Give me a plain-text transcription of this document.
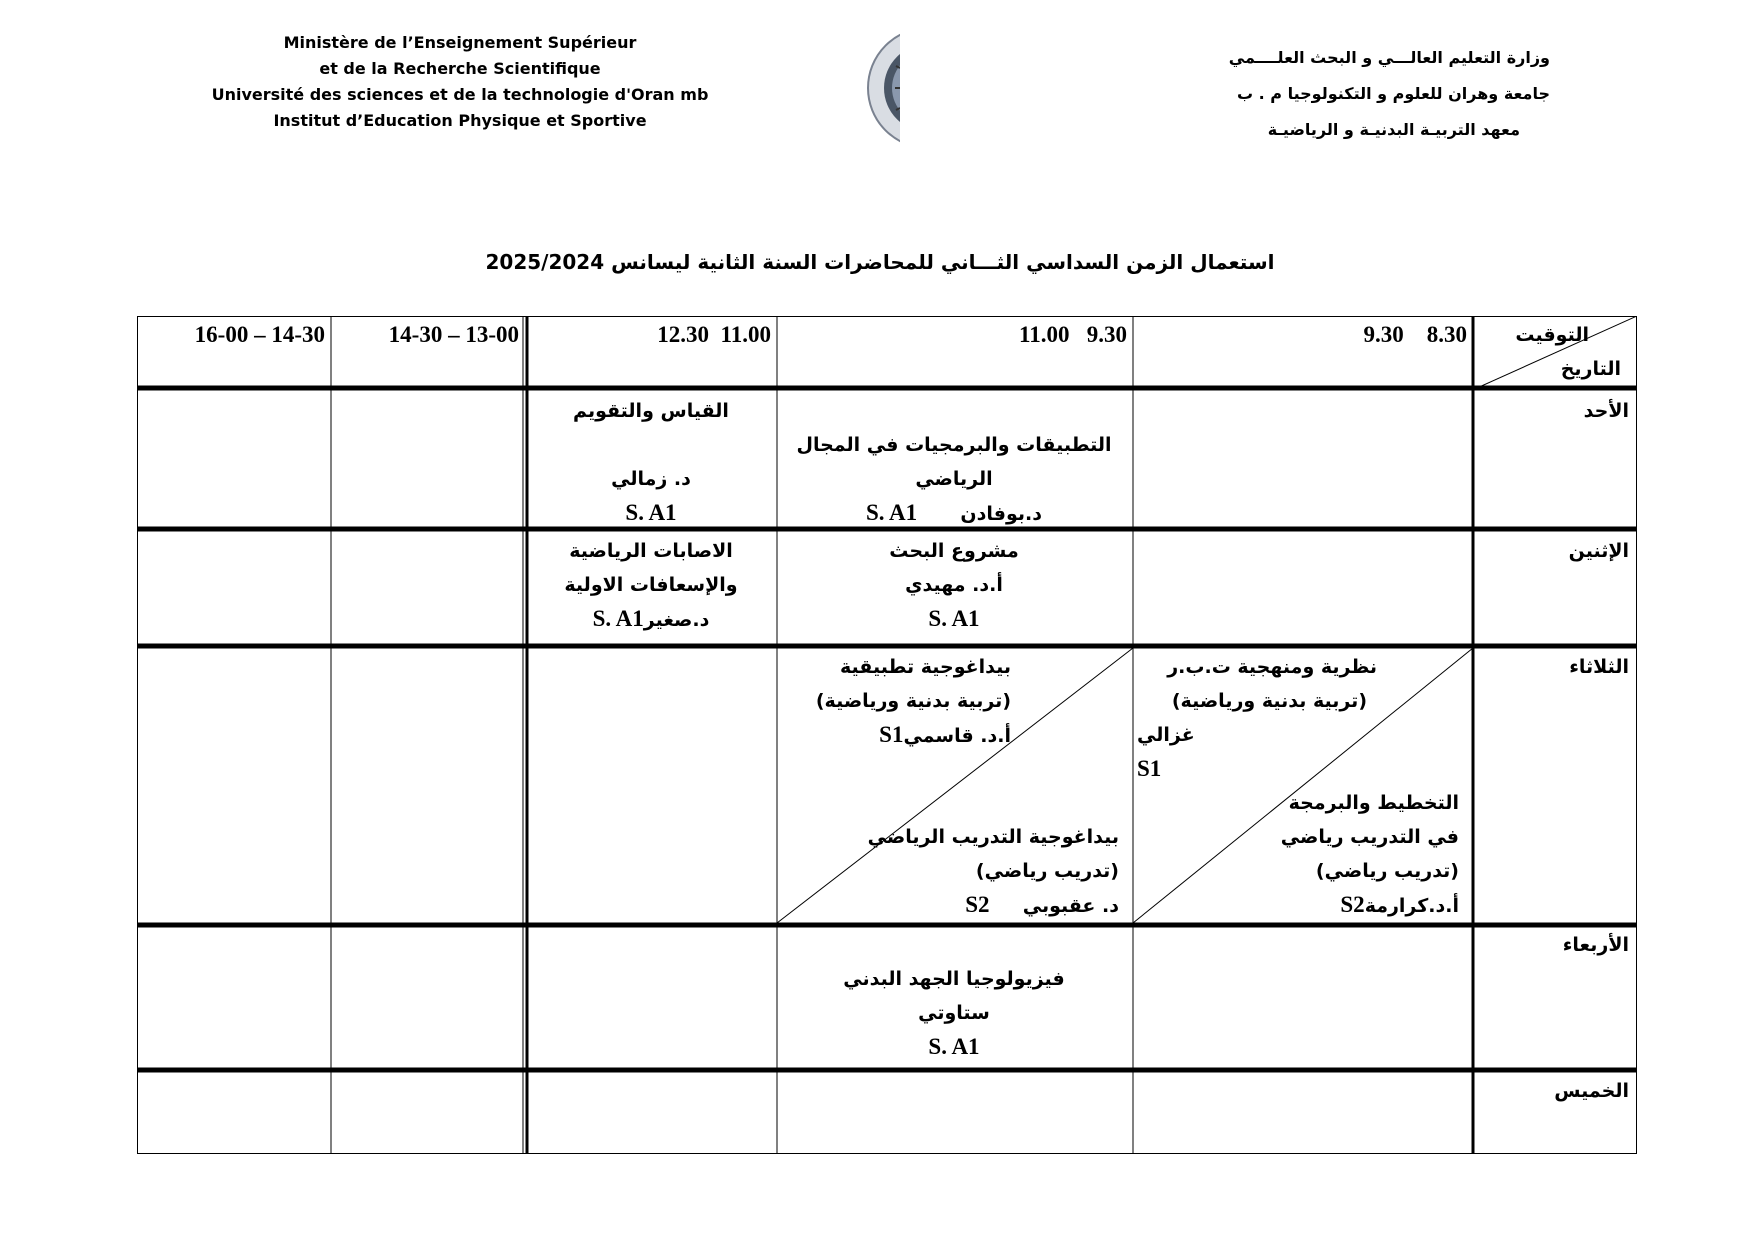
Ministère de l’Enseignement Supérieur
et de la Recherche Scientifique
Université des sciences et de la technologie d'Oran mb
Institut d’Education Physique et Sportive
وزارة التعليم العالـــي و البحث العلــــمي
جامعة وهران للعلوم و التكنولوجيا م . ب
معهد التربيـة البدنيـة و الرياضيـة
استعمال الزمن السداسي الثـــاني للمحاضرات السنة الثانية ليسانس 2025/2024
التوقيت
التاريخ
9.30    8.30
11.00   9.30
12.30  11.00
14-30 – 13-00
16-00 – 14-30
الأحد
الإثنين
الثلاثاء
الأربعاء
الخميس
القياس والتقويم
د. زمالي
S. A1
التطبيقات والبرمجيات في المجال
الرياضي
د.بوفادن  S. A1
مشروع البحث
أ.د. مهيدي
S. A1
الاصابات الرياضية
والإسعافات الاولية
د.صغيرS. A1
نظرية ومنهجية ت.ب.ر
(تربية بدنية ورياضية)
غزالي
S1
التخطيط والبرمجة
في التدريب رياضي
(تدريب رياضي)
أ.د.كرارمةS2
بيداغوجية تطبيقية
(تربية بدنية ورياضية)
أ.د. قاسميS1
بيداغوجية التدريب الرياضي
(تدريب رياضي)
د. عقبوبي  S2
فيزيولوجيا الجهد البدني
ستاوتي
S. A1
